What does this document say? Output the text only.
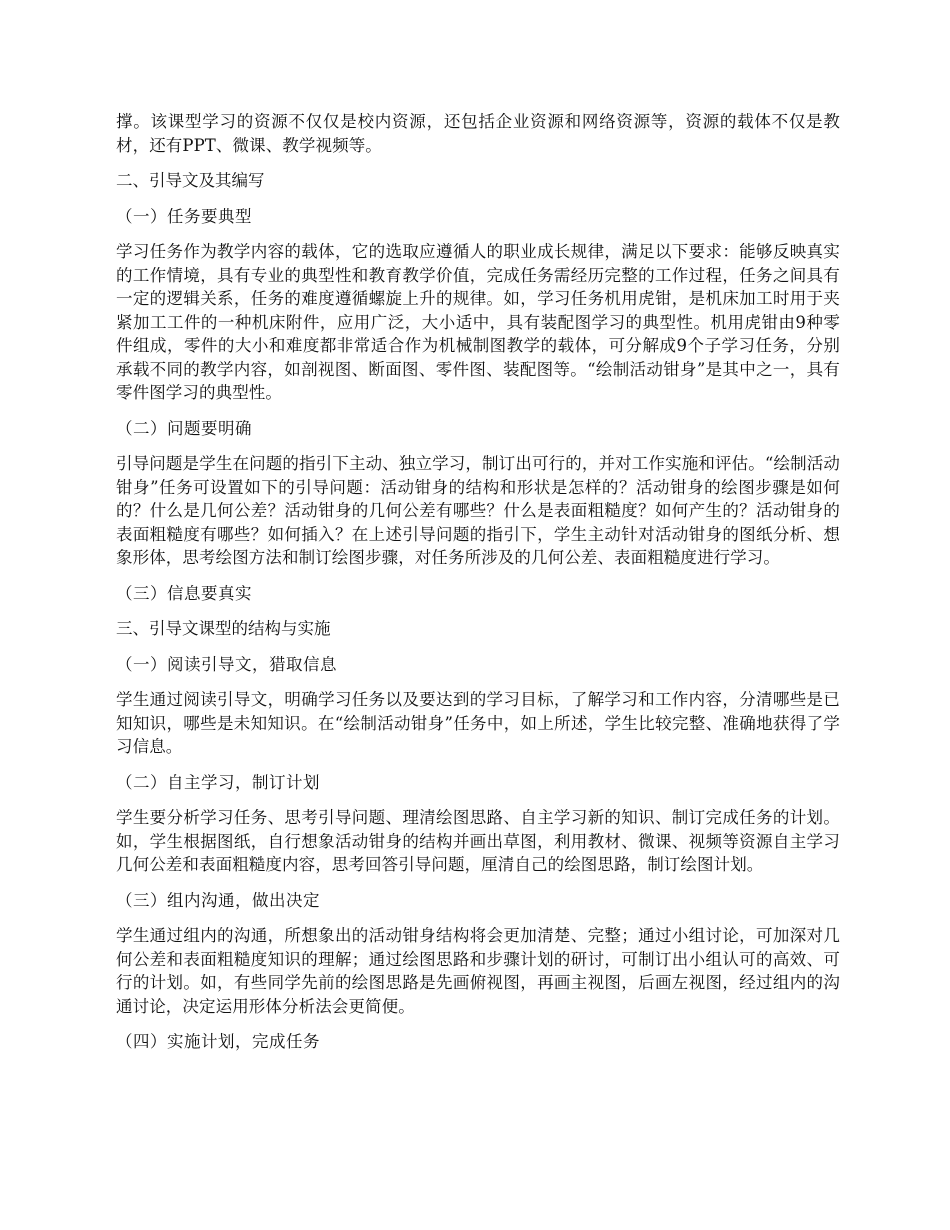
撑。该课型学习的资源不仅仅是校内资源，还包括企业资源和网络资源等，资源的载体不仅是教材，还有PPT、微课、教学视频等。

二、引导文及其编写
（一）任务要典型

学习任务作为教学内容的载体，它的选取应遵循人的职业成长规律，满足以下要求：能够反映真实的工作情境，具有专业的典型性和教育教学价值，完成任务需经历完整的工作过程，任务之间具有一定的逻辑关系，任务的难度遵循螺旋上升的规律。如，学习任务机用虎钳，是机床加工时用于夹紧加工工件的一种机床附件，应用广泛，大小适中，具有装配图学习的典型性。机用虎钳由9种零件组成，零件的大小和难度都非常适合作为机械制图教学的载体，可分解成9个子学习任务，分别承载不同的教学内容，如剖视图、断面图、零件图、装配图等。“绘制活动钳身”是其中之一，具有零件图学习的典型性。

（二）问题要明确

引导问题是学生在问题的指引下主动、独立学习，制订出可行的，并对工作实施和评估。“绘制活动钳身”任务可设置如下的引导问题：活动钳身的结构和形状是怎样的？活动钳身的绘图步骤是如何的？什么是几何公差？活动钳身的几何公差有哪些？什么是表面粗糙度？如何产生的？活动钳身的表面粗糙度有哪些？如何插入？在上述引导问题的指引下，学生主动针对活动钳身的图纸分析、想象形体，思考绘图方法和制订绘图步骤，对任务所涉及的几何公差、表面粗糙度进行学习。

（三）信息要真实
三、引导文课型的结构与实施
（一）阅读引导文，猎取信息

学生通过阅读引导文，明确学习任务以及要达到的学习目标，了解学习和工作内容，分清哪些是已知知识，哪些是未知知识。在“绘制活动钳身”任务中，如上所述，学生比较完整、准确地获得了学习信息。

（二）自主学习，制订计划

学生要分析学习任务、思考引导问题、理清绘图思路、自主学习新的知识、制订完成任务的计划。如，学生根据图纸，自行想象活动钳身的结构并画出草图，利用教材、微课、视频等资源自主学习几何公差和表面粗糙度内容，思考回答引导问题，厘清自己的绘图思路，制订绘图计划。

（三）组内沟通，做出决定

学生通过组内的沟通，所想象出的活动钳身结构将会更加清楚、完整；通过小组讨论，可加深对几何公差和表面粗糙度知识的理解；通过绘图思路和步骤计划的研讨，可制订出小组认可的高效、可行的计划。如，有些同学先前的绘图思路是先画俯视图，再画主视图，后画左视图，经过组内的沟通讨论，决定运用形体分析法会更简便。

（四）实施计划，完成任务
